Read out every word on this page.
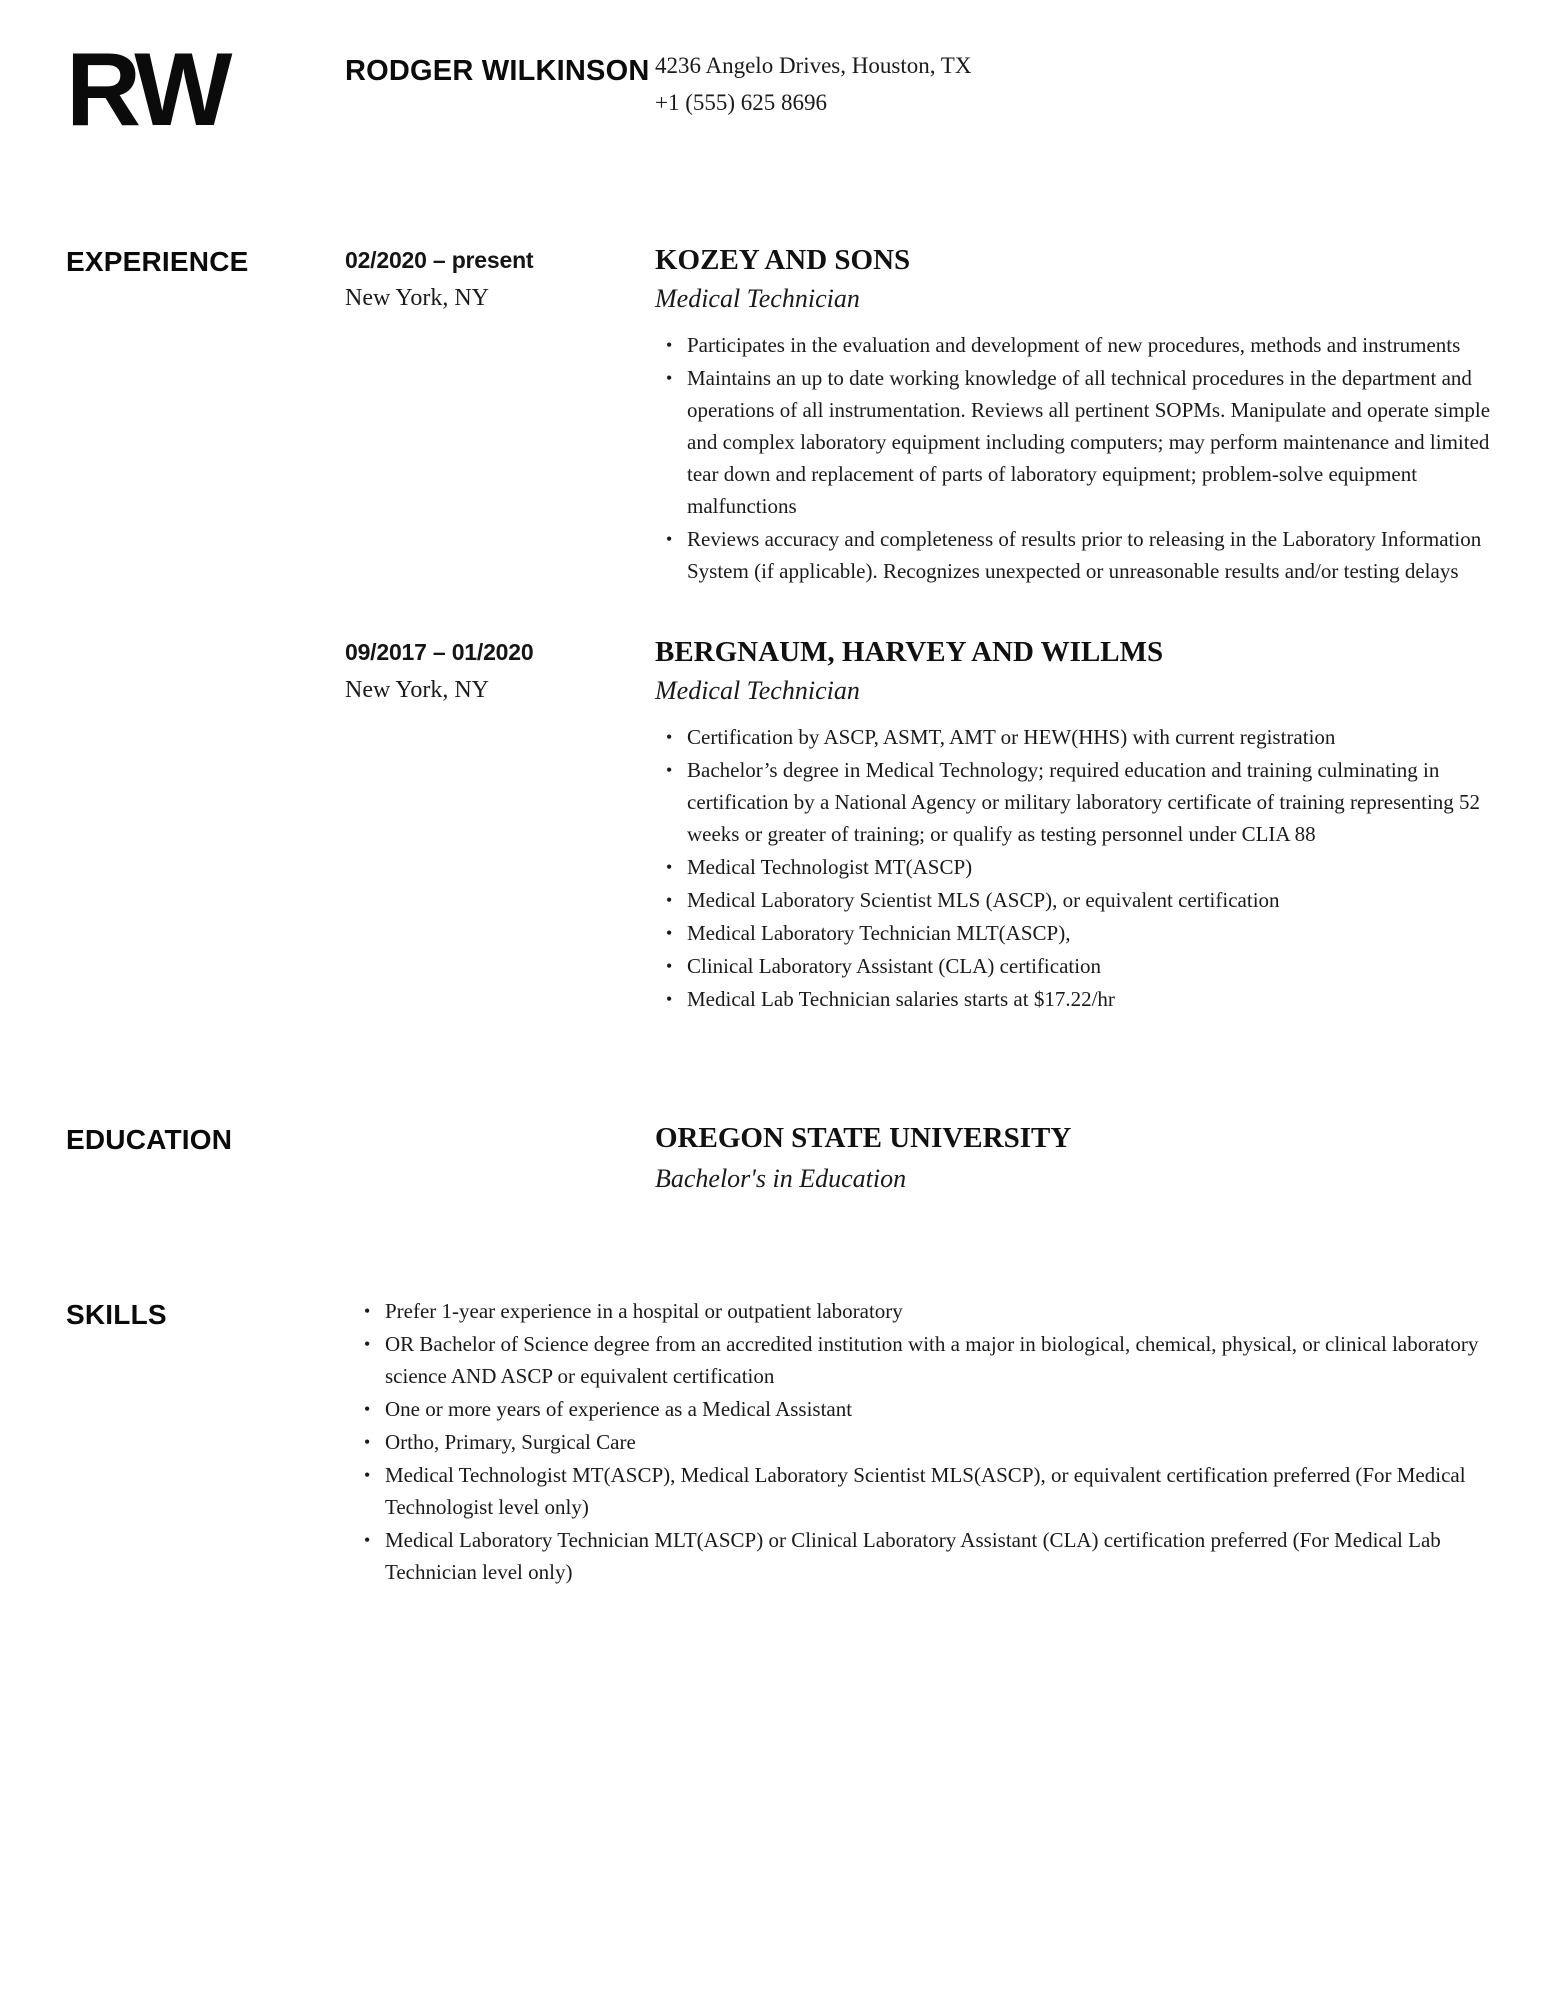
RW	RODGER WILKINSON 4236 Angelo Drives, Houston, TX
+1 (555) 625 8696
EXPERIENCE	02/2020 – present
New York, NY
KOZEY AND SONS
Medical Technician
• Participates in the evaluation and development of new procedures, methods and instruments
• Maintains an up to date working knowledge of all technical procedures in the department and operations of all instrumentation. Reviews all pertinent SOPMs. Manipulate and operate simple and complex laboratory equipment including computers; may perform maintenance and limited tear down and replacement of parts of laboratory equipment; problem-solve equipment malfunctions
• Reviews accuracy and completeness of results prior to releasing in the Laboratory Information System (if applicable). Recognizes unexpected or unreasonable results and/or testing delays
09/2017 – 01/2020
New York, NY
BERGNAUM, HARVEY AND WILLMS
Medical Technician
• Certification by ASCP, ASMT, AMT or HEW(HHS) with current registration
• Bachelor’s degree in Medical Technology; required education and training culminating in certification by a National Agency or military laboratory certificate of training representing 52 weeks or greater of training; or qualify as testing personnel under CLIA 88
• Medical Technologist MT(ASCP)
• Medical Laboratory Scientist MLS (ASCP), or equivalent certification
• Medical Laboratory Technician MLT(ASCP),
• Clinical Laboratory Assistant (CLA) certification
• Medical Lab Technician salaries starts at $17.22/hr
EDUCATION	OREGON STATE UNIVERSITY
Bachelor's in Education
SKILLS	• Prefer 1-year experience in a hospital or outpatient laboratory
• OR Bachelor of Science degree from an accredited institution with a major in biological, chemical, physical, or clinical laboratory science AND ASCP or equivalent certification
• One or more years of experience as a Medical Assistant
• Ortho, Primary, Surgical Care
• Medical Technologist MT(ASCP), Medical Laboratory Scientist MLS(ASCP), or equivalent certification preferred (For Medical Technologist level only)
• Medical Laboratory Technician MLT(ASCP) or Clinical Laboratory Assistant (CLA) certification preferred (For Medical Lab Technician level only)
